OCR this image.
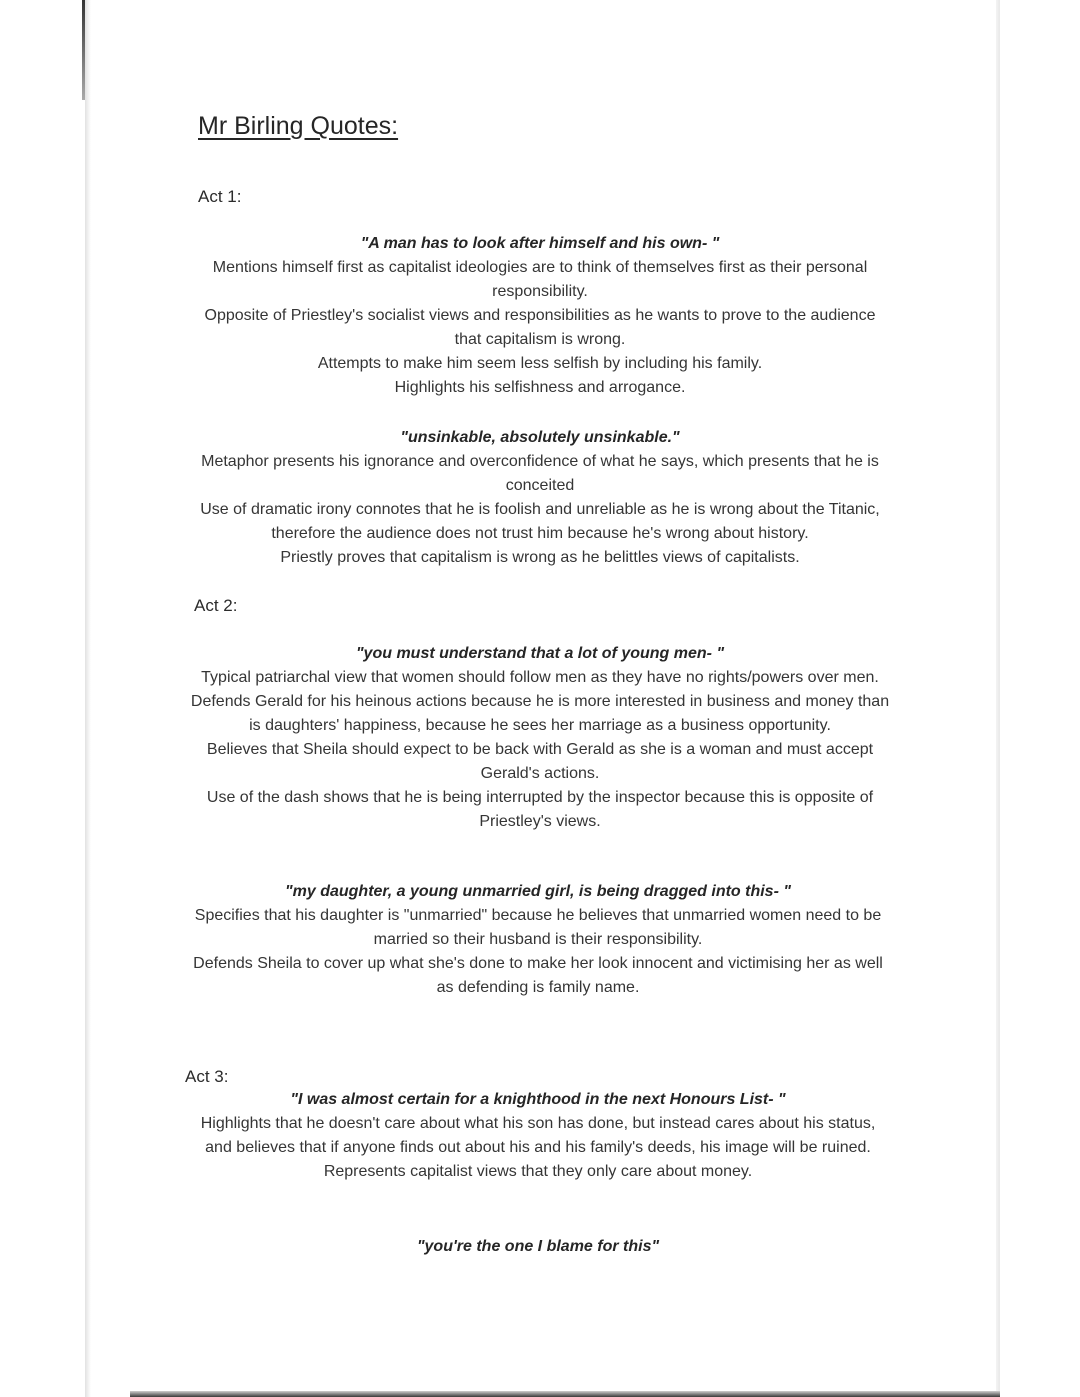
Mr Birling Quotes:
Act 1:

"A man has to look after himself and his own- "

Mentions himself first as capitalist ideologies are to think of themselves first as their personal responsibility.

Opposite of Priestley's socialist views and responsibilities as he wants to prove to the audience that capitalism is wrong.

Attempts to make him seem less selfish by including his family.

Highlights his selfishness and arrogance.

"unsinkable, absolutely unsinkable."

Metaphor presents his ignorance and overconfidence of what he says, which presents that he is conceited

Use of dramatic irony connotes that he is foolish and unreliable as he is wrong about the Titanic, therefore the audience does not trust him because he's wrong about history.

Priestly proves that capitalism is wrong as he belittles views of capitalists.

Act 2:

"you must understand that a lot of young men- "

Typical patriarchal view that women should follow men as they have no rights/powers over men.

Defends Gerald for his heinous actions because he is more interested in business and money than is daughters' happiness, because he sees her marriage as a business opportunity.

Believes that Sheila should expect to be back with Gerald as she is a woman and must accept Gerald's actions.

Use of the dash shows that he is being interrupted by the inspector because this is opposite of Priestley's views.

"my daughter, a young unmarried girl, is being dragged into this- "

Specifies that his daughter is "unmarried" because he believes that unmarried women need to be married so their husband is their responsibility.

Defends Sheila to cover up what she's done to make her look innocent and victimising her as well as defending is family name.

Act 3:

"I was almost certain for a knighthood in the next Honours List- "

Highlights that he doesn't care about what his son has done, but instead cares about his status, and believes that if anyone finds out about his and his family's deeds, his image will be ruined.

Represents capitalist views that they only care about money.

"you're the one I blame for this"
